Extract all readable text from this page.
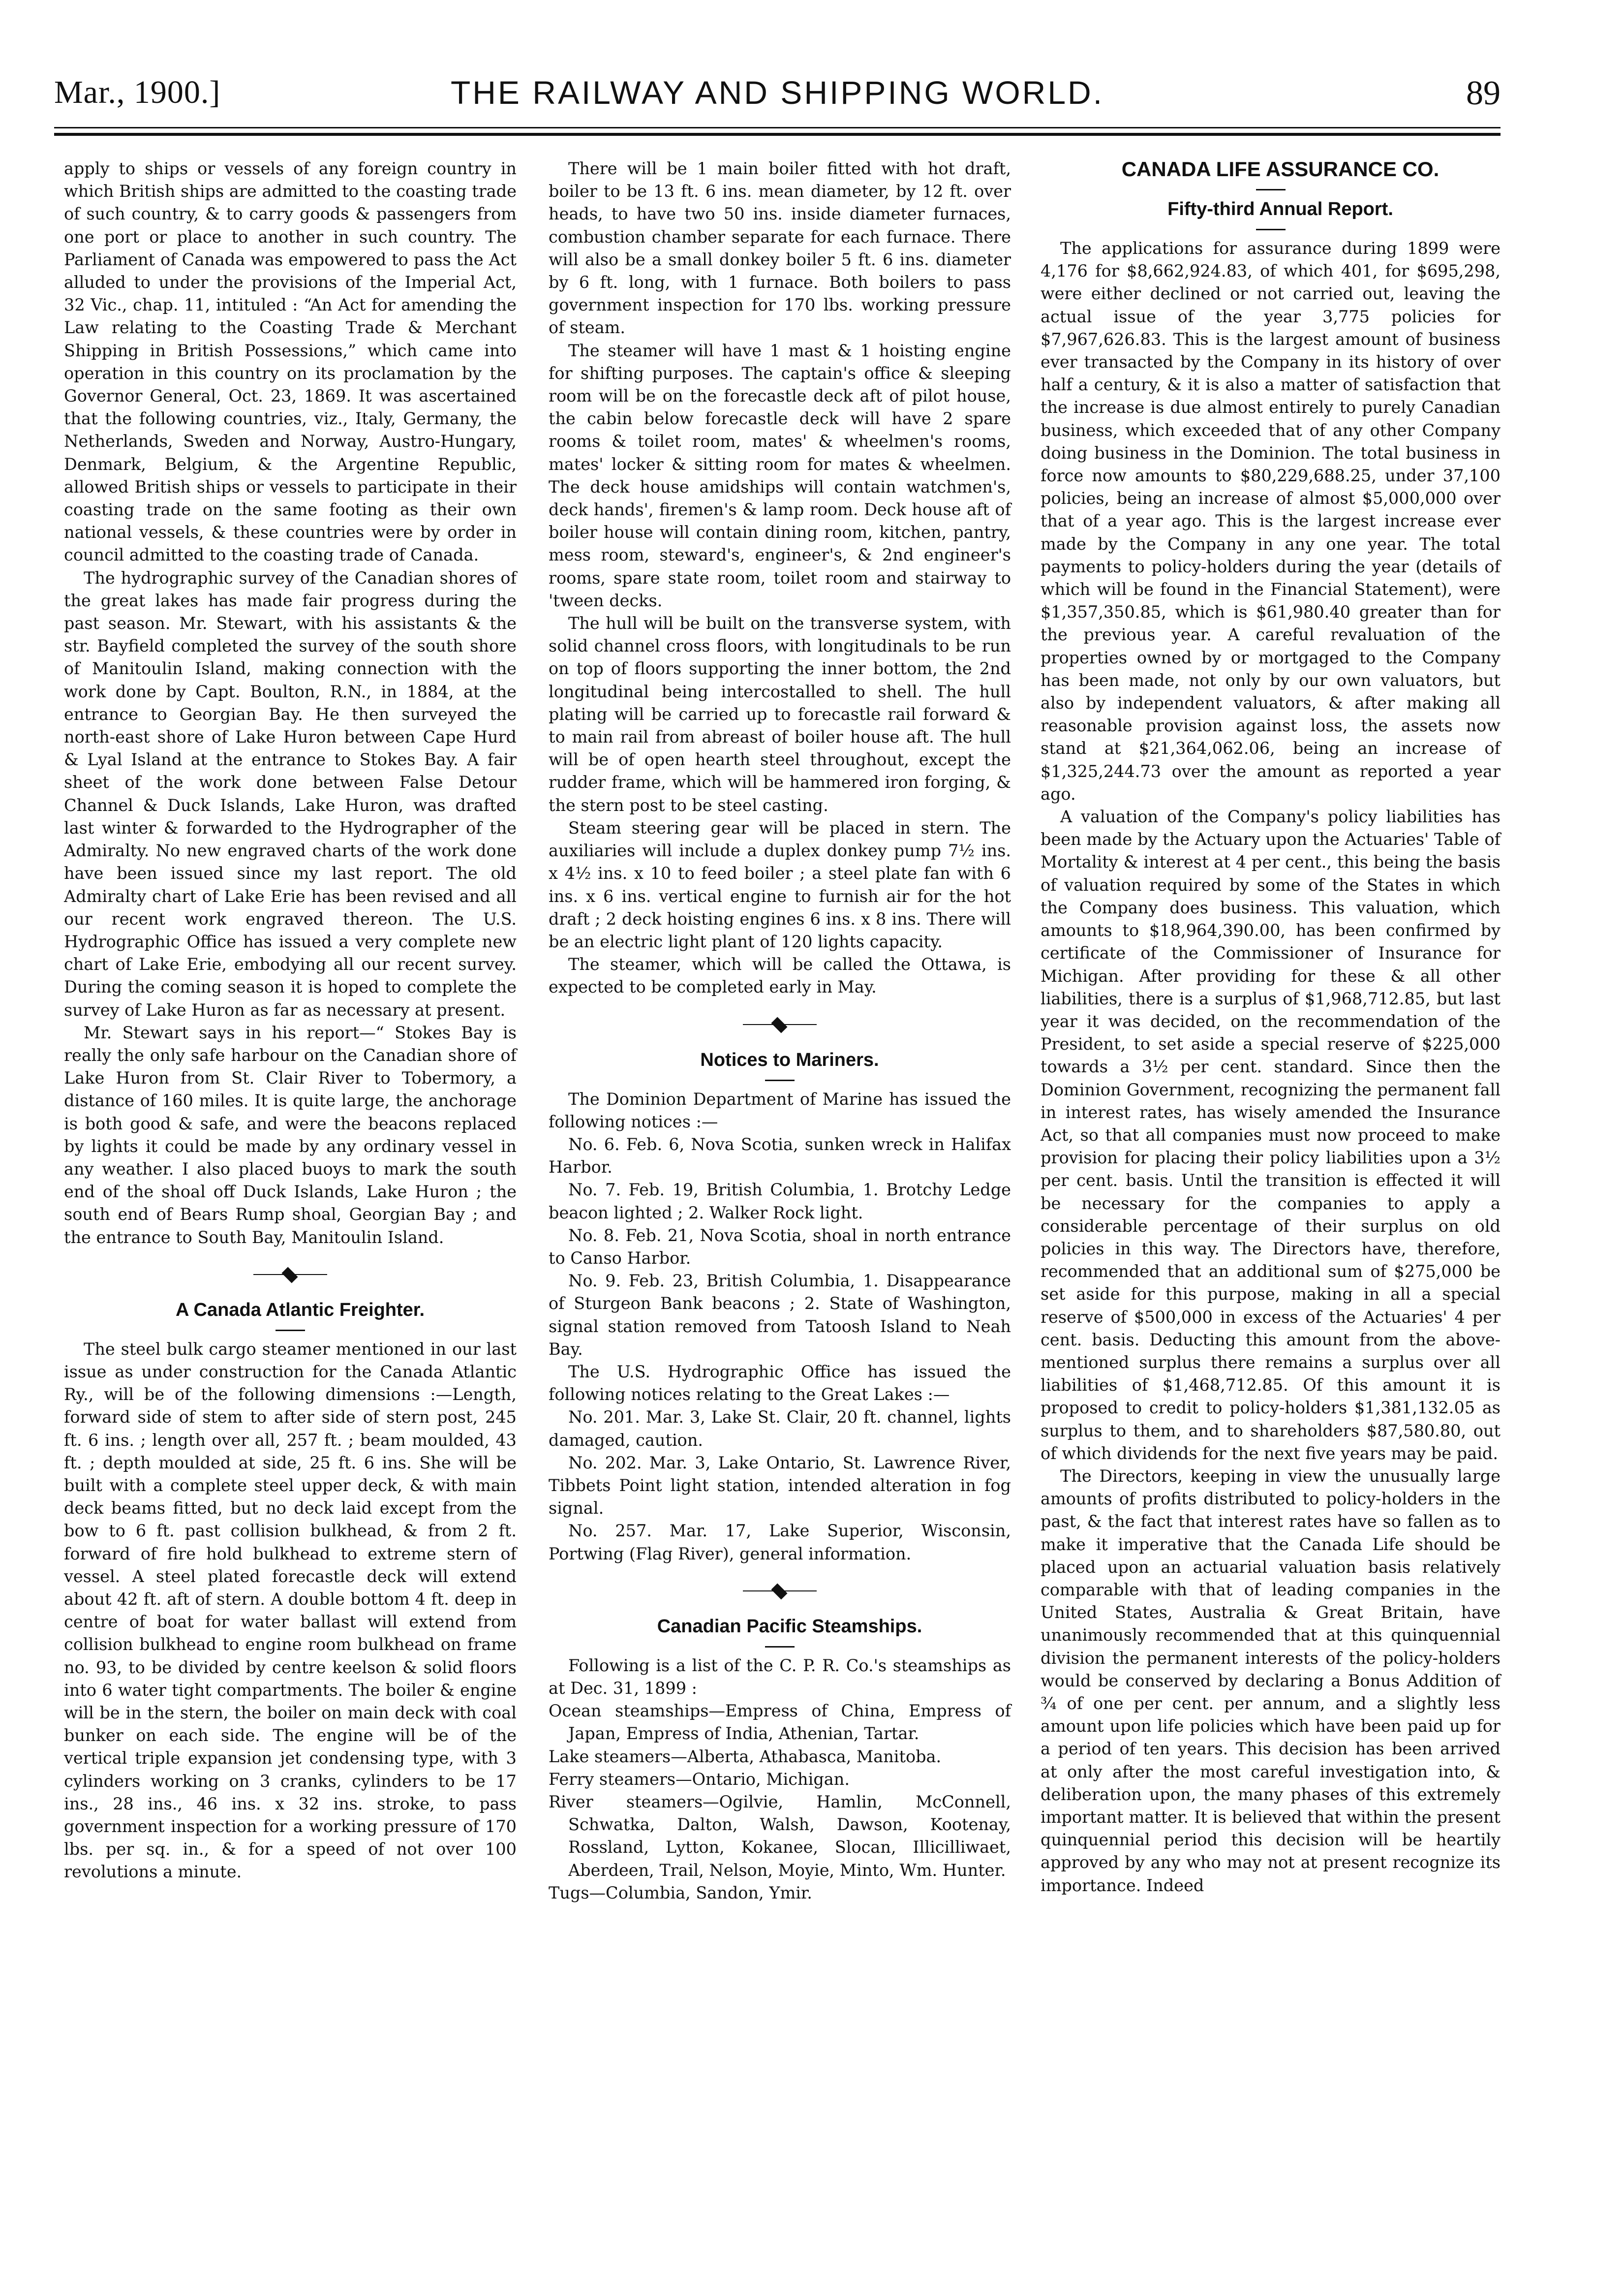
Mar., 1900.]	THE RAILWAY AND SHIPPING WORLD.	89

apply to ships or vessels of any foreign country in which British ships are admitted to the coasting trade of such country, & to carry goods & passengers from one port or place to another in such country. The Parliament of Canada was empowered to pass the Act alluded to under the provisions of the Imperial Act, 32 Vic., chap. 11, intituled : “An Act for amending the Law relating to the Coasting Trade & Merchant Shipping in British Possessions,” which came into operation in this country on its proclamation by the Governor General, Oct. 23, 1869. It was ascertained that the following countries, viz., Italy, Germany, the Netherlands, Sweden and Norway, Austro-Hungary, Denmark, Belgium, & the Argentine Republic, allowed British ships or vessels to participate in their coasting trade on the same footing as their own national vessels, & these countries were by order in council admitted to the coasting trade of Canada.

The hydrographic survey of the Canadian shores of the great lakes has made fair progress during the past season. Mr. Stewart, with his assistants & the str. Bayfield completed the survey of the south shore of Manitoulin Island, making connection with the work done by Capt. Boulton, R.N., in 1884, at the entrance to Georgian Bay. He then surveyed the north-east shore of Lake Huron between Cape Hurd & Lyal Island at the entrance to Stokes Bay. A fair sheet of the work done between False Detour Channel & Duck Islands, Lake Huron, was drafted last winter & forwarded to the Hydrographer of the Admiralty. No new engraved charts of the work done have been issued since my last report. The old Admiralty chart of Lake Erie has been revised and all our recent work engraved thereon. The U.S. Hydrographic Office has issued a very complete new chart of Lake Erie, embodying all our recent survey. During the coming season it is hoped to complete the survey of Lake Huron as far as necessary at present.

Mr. Stewart says in his report—“ Stokes Bay is really the only safe harbour on the Canadian shore of Lake Huron from St. Clair River to Tobermory, a distance of 160 miles. It is quite large, the anchorage is both good & safe, and were the beacons replaced by lights it could be made by any ordinary vessel in any weather. I also placed buoys to mark the south end of the shoal off Duck Islands, Lake Huron ; the south end of Bears Rump shoal, Georgian Bay ; and the entrance to South Bay, Manitoulin Island.

A Canada Atlantic Freighter.

The steel bulk cargo steamer mentioned in our last issue as under construction for the Canada Atlantic Ry., will be of the following dimensions :—Length, forward side of stem to after side of stern post, 245 ft. 6 ins. ; length over all, 257 ft. ; beam moulded, 43 ft. ; depth moulded at side, 25 ft. 6 ins. She will be built with a complete steel upper deck, & with main deck beams fitted, but no deck laid except from the bow to 6 ft. past collision bulkhead, & from 2 ft. forward of fire hold bulkhead to extreme stern of vessel. A steel plated forecastle deck will extend about 42 ft. aft of stern. A double bottom 4 ft. deep in centre of boat for water ballast will extend from collision bulkhead to engine room bulkhead on frame no. 93, to be divided by centre keelson & solid floors into 6 water tight compartments. The boiler & engine will be in the stern, the boiler on main deck with coal bunker on each side. The engine will be of the vertical triple expansion jet condensing type, with 3 cylinders working on 3 cranks, cylinders to be 17 ins., 28 ins., 46 ins. x 32 ins. stroke, to pass government inspection for a working pressure of 170 lbs. per sq. in., & for a speed of not over 100 revolutions a minute.

There will be 1 main boiler fitted with hot draft, boiler to be 13 ft. 6 ins. mean diameter, by 12 ft. over heads, to have two 50 ins. inside diameter furnaces, combustion chamber separate for each furnace. There will also be a small donkey boiler 5 ft. 6 ins. diameter by 6 ft. long, with 1 furnace. Both boilers to pass government inspection for 170 lbs. working pressure of steam.

The steamer will have 1 mast & 1 hoisting engine for shifting purposes. The captain's office & sleeping room will be on the forecastle deck aft of pilot house, the cabin below forecastle deck will have 2 spare rooms & toilet room, mates' & wheelmen's rooms, mates' locker & sitting room for mates & wheelmen. The deck house amidships will contain watchmen's, deck hands', firemen's & lamp room. Deck house aft of boiler house will contain dining room, kitchen, pantry, mess room, steward's, engineer's, & 2nd engineer's rooms, spare state room, toilet room and stairway to 'tween decks.

The hull will be built on the transverse system, with solid channel cross floors, with longitudinals to be run on top of floors supporting the inner bottom, the 2nd longitudinal being intercostalled to shell. The hull plating will be carried up to forecastle rail forward & to main rail from abreast of boiler house aft. The hull will be of open hearth steel throughout, except the rudder frame, which will be hammered iron forging, & the stern post to be steel casting.

Steam steering gear will be placed in stern. The auxiliaries will include a duplex donkey pump 7½ ins. x 4½ ins. x 10 to feed boiler ; a steel plate fan with 6 ins. x 6 ins. vertical engine to furnish air for the hot draft ; 2 deck hoisting engines 6 ins. x 8 ins. There will be an electric light plant of 120 lights capacity.

The steamer, which will be called the Ottawa, is expected to be completed early in May.

Notices to Mariners.

The Dominion Department of Marine has issued the following notices :—

No. 6. Feb. 6, Nova Scotia, sunken wreck in Halifax Harbor.

No. 7. Feb. 19, British Columbia, 1. Brotchy Ledge beacon lighted ; 2. Walker Rock light.

No. 8. Feb. 21, Nova Scotia, shoal in north entrance to Canso Harbor.

No. 9. Feb. 23, British Columbia, 1. Disappearance of Sturgeon Bank beacons ; 2. State of Washington, signal station removed from Tatoosh Island to Neah Bay.

The U.S. Hydrographic Office has issued the following notices relating to the Great Lakes :—

No. 201. Mar. 3, Lake St. Clair, 20 ft. channel, lights damaged, caution.

No. 202. Mar. 3, Lake Ontario, St. Lawrence River, Tibbets Point light station, intended alteration in fog signal.

No. 257. Mar. 17, Lake Superior, Wisconsin, Portwing (Flag River), general information.

Canadian Pacific Steamships.

Following is a list of the C. P. R. Co.'s steamships as at Dec. 31, 1899 :

Ocean steamships—Empress of China, Empress of Japan, Empress of India, Athenian, Tartar.

Lake steamers—Alberta, Athabasca, Manitoba.

Ferry steamers—Ontario, Michigan.

River steamers—Ogilvie, Hamlin, McConnell, Schwatka, Dalton, Walsh, Dawson, Kootenay, Rossland, Lytton, Kokanee, Slocan, Illicilliwaet, Aberdeen, Trail, Nelson, Moyie, Minto, Wm. Hunter.

Tugs—Columbia, Sandon, Ymir.

CANADA LIFE ASSURANCE CO.

Fifty-third Annual Report.

The applications for assurance during 1899 were 4,176 for $8,662,924.83, of which 401, for $695,298, were either declined or not carried out, leaving the actual issue of the year 3,775 policies for $7,967,626.83. This is the largest amount of business ever transacted by the Company in its history of over half a century, & it is also a matter of satisfaction that the increase is due almost entirely to purely Canadian business, which exceeded that of any other Company doing business in the Dominion. The total business in force now amounts to $80,229,688.25, under 37,100 policies, being an increase of almost $5,000,000 over that of a year ago. This is the largest increase ever made by the Company in any one year. The total payments to policy-holders during the year (details of which will be found in the Financial Statement), were $1,357,350.85, which is $61,980.40 greater than for the previous year. A careful revaluation of the properties owned by or mortgaged to the Company has been made, not only by our own valuators, but also by independent valuators, & after making all reasonable provision against loss, the assets now stand at $21,364,062.06, being an increase of $1,325,244.73 over the amount as reported a year ago.

A valuation of the Company's policy liabilities has been made by the Actuary upon the Actuaries' Table of Mortality & interest at 4 per cent., this being the basis of valuation required by some of the States in which the Company does business. This valuation, which amounts to $18,964,390.00, has been confirmed by certificate of the Commissioner of Insurance for Michigan. After providing for these & all other liabilities, there is a surplus of $1,968,712.85, but last year it was decided, on the recommendation of the President, to set aside a special reserve of $225,000 towards a 3½ per cent. standard. Since then the Dominion Government, recognizing the permanent fall in interest rates, has wisely amended the Insurance Act, so that all companies must now proceed to make provision for placing their policy liabilities upon a 3½ per cent. basis. Until the transition is effected it will be necessary for the companies to apply a considerable percentage of their surplus on old policies in this way. The Directors have, therefore, recommended that an additional sum of $275,000 be set aside for this purpose, making in all a special reserve of $500,000 in excess of the Actuaries' 4 per cent. basis. Deducting this amount from the above-mentioned surplus there remains a surplus over all liabilities of $1,468,712.85. Of this amount it is proposed to credit to policy-holders $1,381,132.05 as surplus to them, and to shareholders $87,580.80, out of which dividends for the next five years may be paid.

The Directors, keeping in view the unusually large amounts of profits distributed to policy-holders in the past, & the fact that interest rates have so fallen as to make it imperative that the Canada Life should be placed upon an actuarial valuation basis relatively comparable with that of leading companies in the United States, Australia & Great Britain, have unanimously recommended that at this quinquennial division the permanent interests of the policy-holders would be conserved by declaring a Bonus Addition of ¾ of one per cent. per annum, and a slightly less amount upon life policies which have been paid up for a period of ten years. This decision has been arrived at only after the most careful investigation into, & deliberation upon, the many phases of this extremely important matter. It is believed that within the present quinquennial period this decision will be heartily approved by any who may not at present recognize its importance. Indeed
